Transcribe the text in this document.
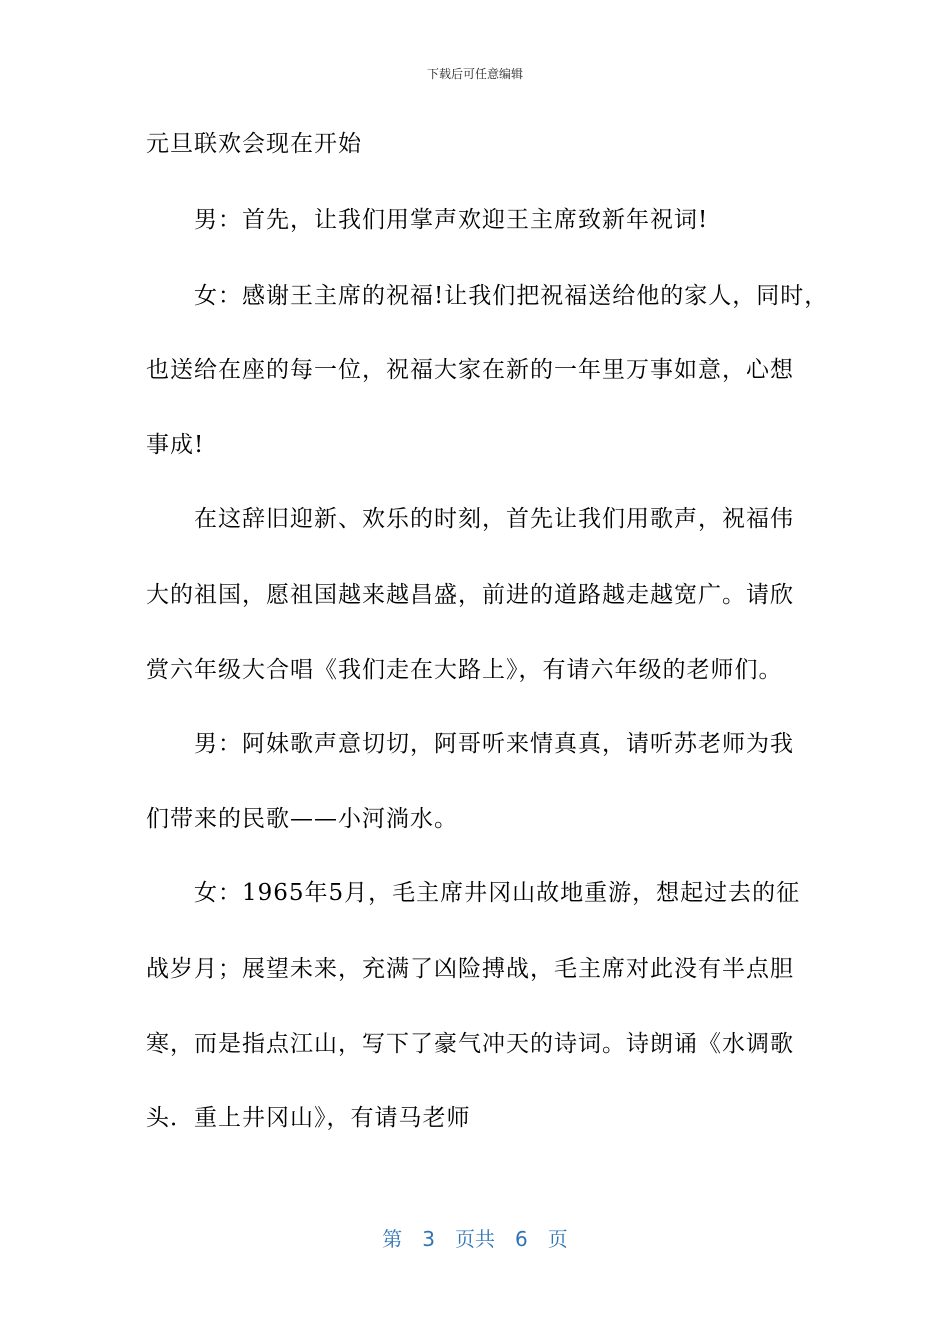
下载后可任意编辑
元旦联欢会现在开始
男：首先，让我们用掌声欢迎王主席致新年祝词!
女：感谢王主席的祝福!让我们把祝福送给他的家人，同时，
也送给在座的每一位，祝福大家在新的一年里万事如意，心想
事成!
在这辞旧迎新、欢乐的时刻，首先让我们用歌声，祝福伟
大的祖国，愿祖国越来越昌盛，前进的道路越走越宽广。请欣
赏六年级大合唱《我们走在大路上》，有请六年级的老师们。
男：阿妹歌声意切切，阿哥听来情真真，请听苏老师为我
们带来的民歌——小河淌水。
女：1965年5月，毛主席井冈山故地重游，想起过去的征
战岁月；展望未来，充满了凶险搏战，毛主席对此没有半点胆
寒，而是指点江山，写下了豪气冲天的诗词。诗朗诵《水调歌
头．重上井冈山》，有请马老师
第 3 页共 6 页
